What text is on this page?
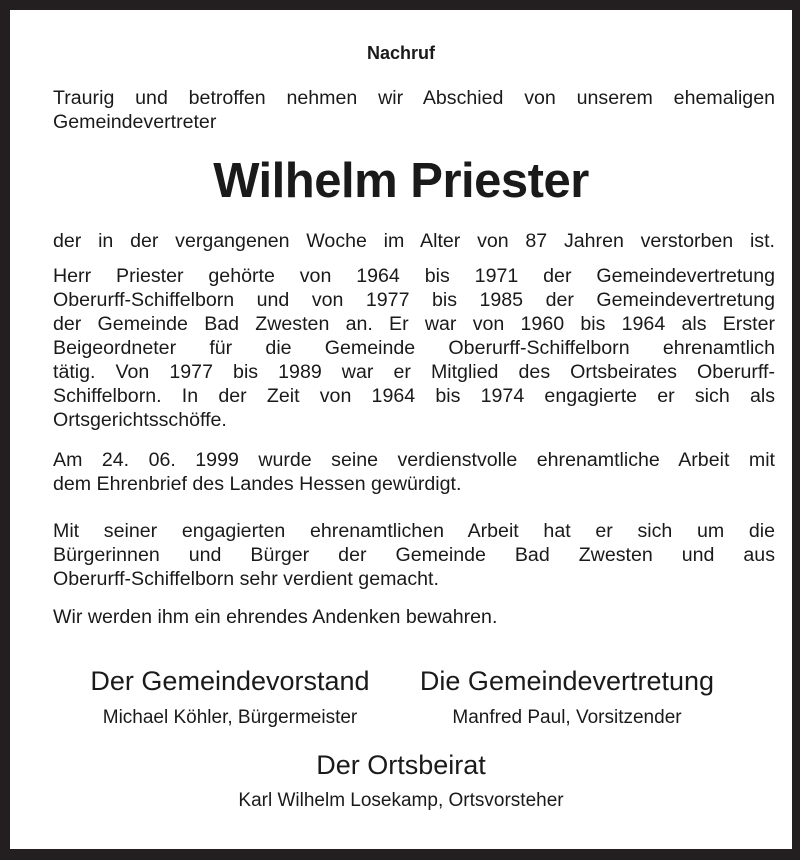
Nachruf
Traurig und betroffen nehmen wir Abschied von unserem ehemaligen
Gemeindevertreter
Wilhelm Priester
der in der vergangenen Woche im Alter von 87 Jahren verstorben ist.
Herr Priester gehörte von 1964 bis 1971 der Gemeindevertretung
Oberurff-Schiffelborn und von 1977 bis 1985 der Gemeindevertretung
der Gemeinde Bad Zwesten an. Er war von 1960 bis 1964 als Erster
Beigeordneter für die Gemeinde Oberurff-Schiffelborn ehrenamtlich
tätig. Von 1977 bis 1989 war er Mitglied des Ortsbeirates Oberurff-
Schiffelborn. In der Zeit von 1964 bis 1974 engagierte er sich als
Ortsgerichtsschöffe.
Am 24. 06. 1999 wurde seine verdienstvolle ehrenamtliche Arbeit mit
dem Ehrenbrief des Landes Hessen gewürdigt.
Mit seiner engagierten ehrenamtlichen Arbeit hat er sich um die
Bürgerinnen und Bürger der Gemeinde Bad Zwesten und aus
Oberurff-Schiffelborn sehr verdient gemacht.
Wir werden ihm ein ehrendes Andenken bewahren.
Der Gemeindevorstand
Michael Köhler, Bürgermeister
Die Gemeindevertretung
Manfred Paul, Vorsitzender
Der Ortsbeirat
Karl Wilhelm Losekamp, Ortsvorsteher
